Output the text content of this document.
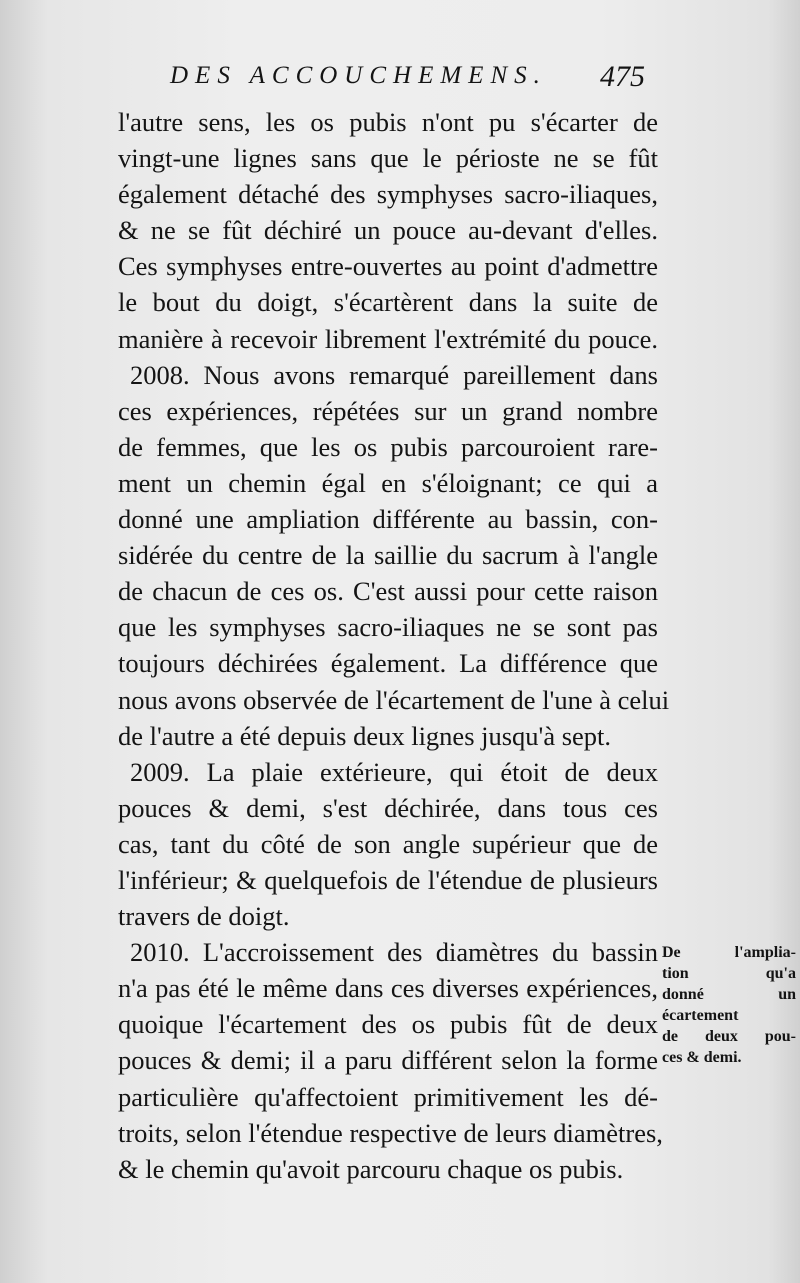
DES ACCOUCHEMENS. 475
l'autre sens, les os pubis n'ont pu s'écarter de
vingt-une lignes sans que le périoste ne se fût
également détaché des symphyses sacro-iliaques,
& ne se fût déchiré un pouce au-devant d'elles.
Ces symphyses entre-ouvertes au point d'admettre
le bout du doigt, s'écartèrent dans la suite de
manière à recevoir librement l'extrémité du pouce.
2008. Nous avons remarqué pareillement dans
ces expériences, répétées sur un grand nombre
de femmes, que les os pubis parcouroient rare-
ment un chemin égal en s'éloignant; ce qui a
donné une ampliation différente au bassin, con-
sidérée du centre de la saillie du sacrum à l'angle
de chacun de ces os. C'est aussi pour cette raison
que les symphyses sacro-iliaques ne se sont pas
toujours déchirées également. La différence que
nous avons observée de l'écartement de l'une à celui
de l'autre a été depuis deux lignes jusqu'à sept.
2009. La plaie extérieure, qui étoit de deux
pouces & demi, s'est déchirée, dans tous ces
cas, tant du côté de son angle supérieur que de
l'inférieur; & quelquefois de l'étendue de plusieurs
travers de doigt.
2010. L'accroissement des diamètres du bassin
n'a pas été le même dans ces diverses expériences,
quoique l'écartement des os pubis fût de deux
pouces & demi; il a paru différent selon la forme
particulière qu'affectoient primitivement les dé-
troits, selon l'étendue respective de leurs diamètres,
& le chemin qu'avoit parcouru chaque os pubis.
De l'amplia-
tion qu'a
donné un
écartement
de deux pou-
ces & demi.
